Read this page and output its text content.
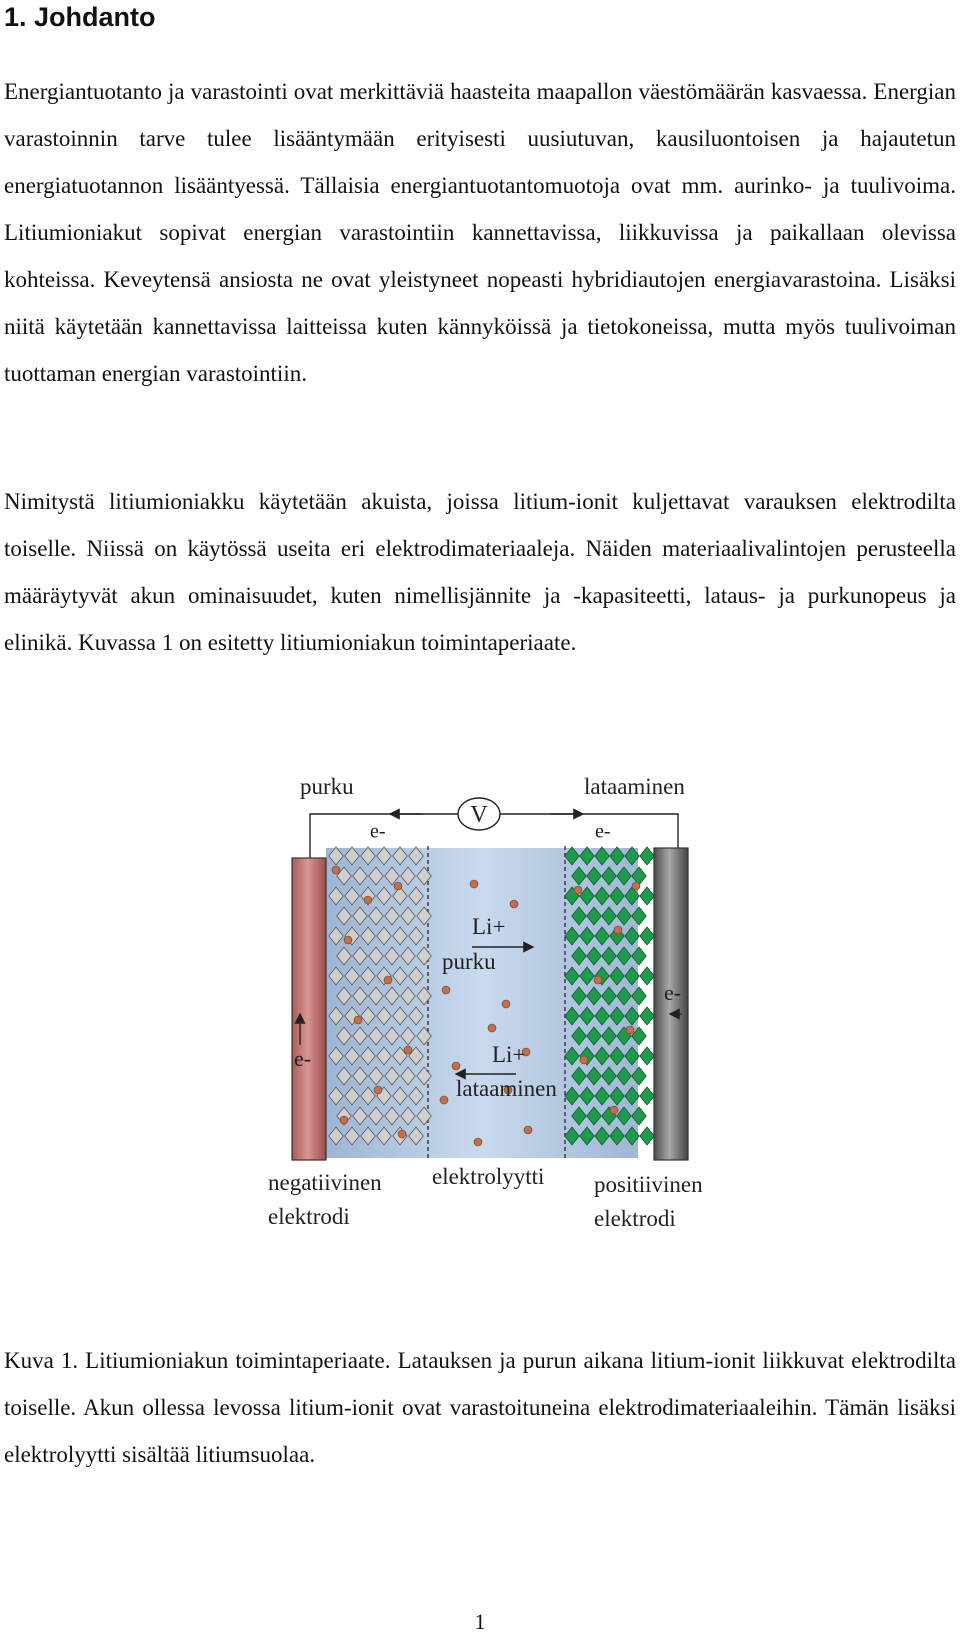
1. Johdanto

Energiantuotanto ja varastointi ovat merkittäviä haasteita maapallon väestömäärän kasvaessa. Energian varastoinnin tarve tulee lisääntymään erityisesti uusiutuvan, kausiluontoisen ja hajautetun energiatuotannon lisääntyessä. Tällaisia energiantuotantomuotoja ovat mm. aurinko- ja tuulivoima. Litiumioniakut sopivat energian varastointiin kannettavissa, liikkuvissa ja paikallaan olevissa kohteissa. Keveytensä ansiosta ne ovat yleistyneet nopeasti hybridiautojen energiavarastoina. Lisäksi niitä käytetään kannettavissa laitteissa kuten kännyköissä ja tietokoneissa, mutta myös tuulivoiman tuottaman energian varastointiin.

Nimitystä litiumioniakku käytetään akuista, joissa litium-ionit kuljettavat varauksen elektrodilta toiselle. Niissä on käytössä useita eri elektrodimateriaaleja. Näiden materiaalivalintojen perusteella määräytyvät akun ominaisuudet, kuten nimellisjännite ja -kapasiteetti, lataus- ja purkunopeus ja elinikä. Kuvassa 1 on esitetty litiumioniakun toimintaperiaate.

V
purku	lataaminen
e-	e-
e-
e-
Li+
purku
Li+
lataaminen
negatiivinen
elektrodi
elektrolyytti positiivinen
elektrodi

Kuva 1. Litiumioniakun toimintaperiaate. Latauksen ja purun aikana litium-ionit liikkuvat elektrodilta toiselle. Akun ollessa levossa litium-ionit ovat varastoituneina elektrodimateriaaleihin. Tämän lisäksi elektrolyytti sisältää litiumsuolaa.

1
